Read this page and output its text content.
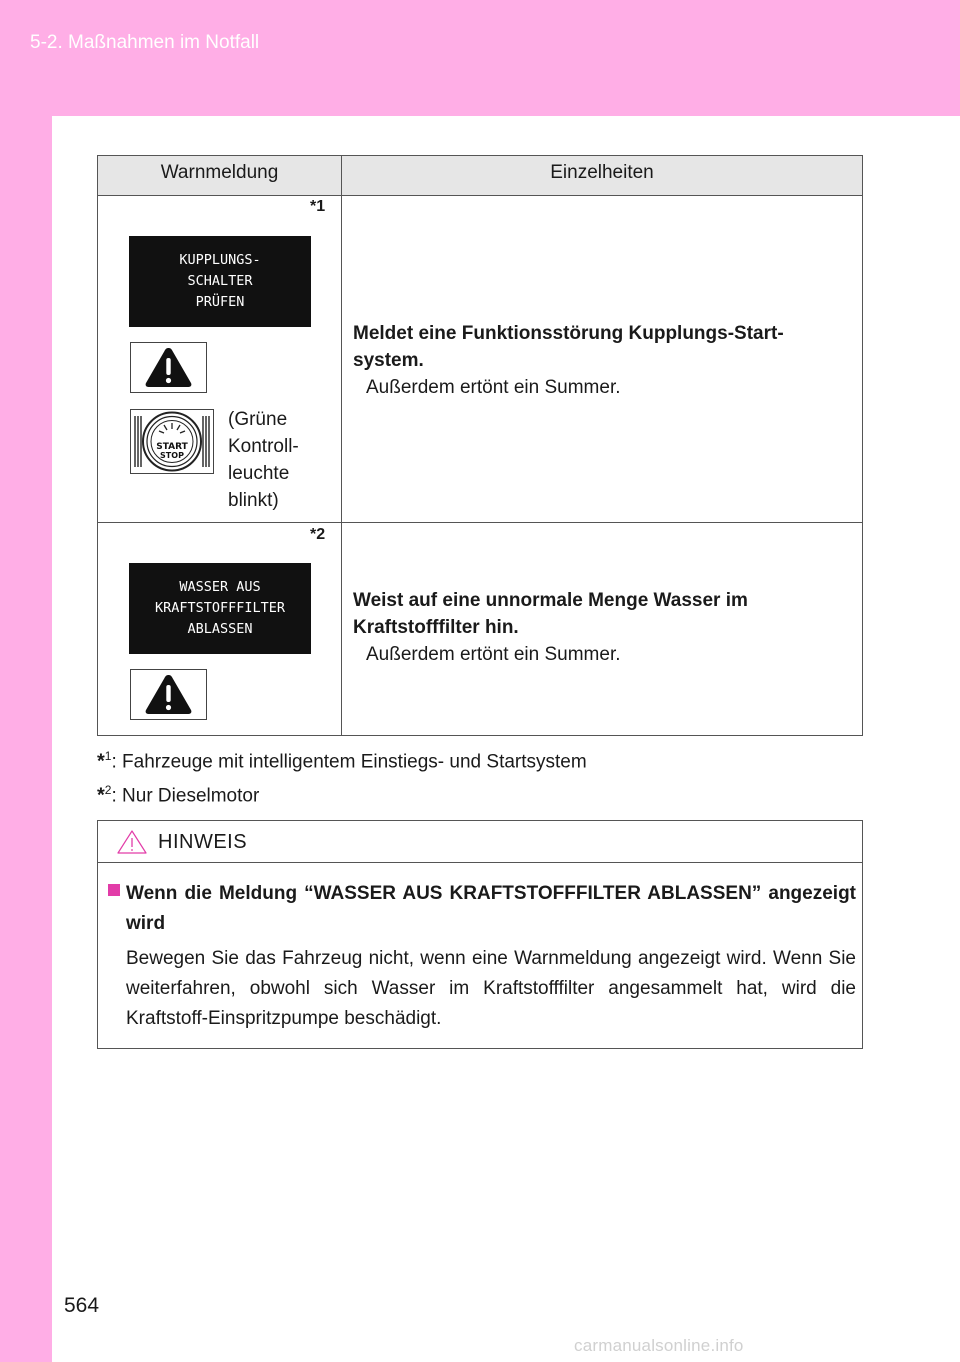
5-2. Maßnahmen im Notfall
Warnmeldung	Einzelheiten
*1
KUPPLUNGS-
SCHALTER
PRÜFEN
START
STOP
(Grüne
Kontroll-
leuchte
blinkt)
Meldet eine Funktionsstörung Kupplungs-Start-system.
Außerdem ertönt ein Summer.
*2
WASSER AUS
KRAFTSTOFFFILTER
ABLASSEN
Weist auf eine unnormale Menge Wasser im Kraftstofffilter hin.
Außerdem ertönt ein Summer.
*$^1$: Fahrzeuge mit intelligentem Einstiegs- und Startsystem
*$^2$: Nur Dieselmotor
HINWEIS
Wenn die Meldung “WASSER AUS KRAFTSTOFFFILTER ABLASSEN” angezeigt wird
Bewegen Sie das Fahrzeug nicht, wenn eine Warnmeldung angezeigt wird. Wenn Sie weiterfahren, obwohl sich Wasser im Kraftstofffilter angesammelt hat, wird die Kraftstoff-Einspritzpumpe beschädigt.
564
carmanualsonline.info
